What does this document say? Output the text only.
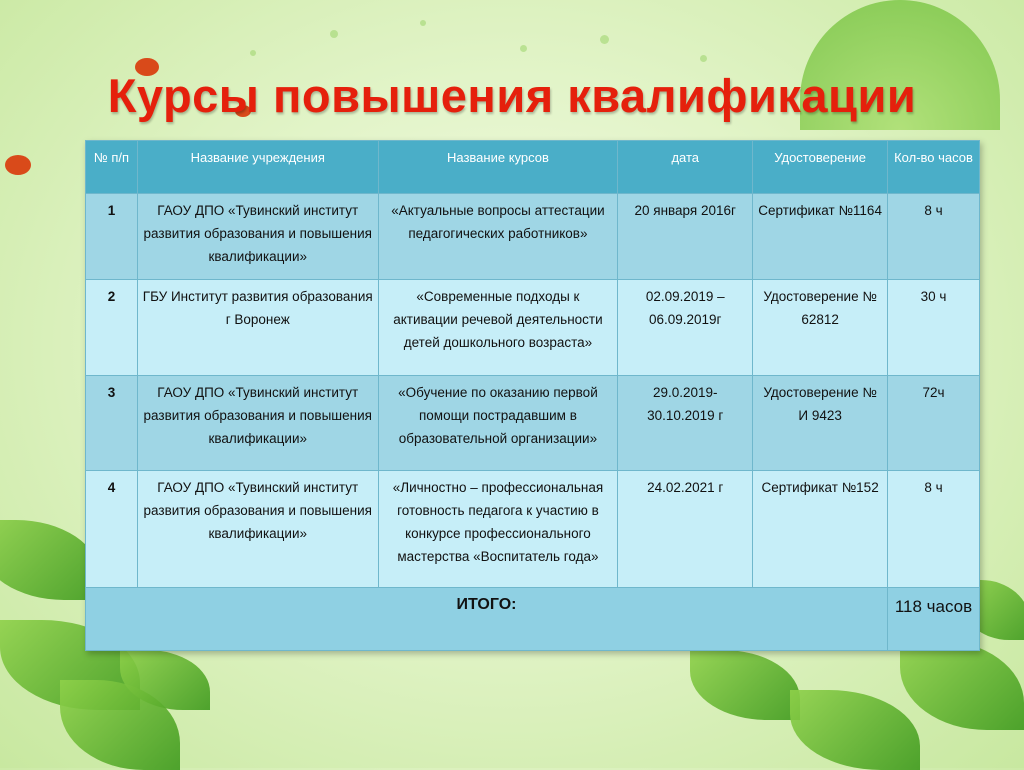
Курсы повышения квалификации
№ п/п	Название учреждения	Название курсов	дата	Удостоверение	Кол-во часов
1	ГАОУ ДПО «Тувинский институт развития образования и повышения квалификации»	«Актуальные вопросы аттестации педагогических работников»	20 января 2016г	Сертификат №1164	8 ч
2	ГБУ Институт развития образования г Воронеж	«Современные подходы к активации речевой деятельности детей дошкольного возраста»	02.09.2019 – 06.09.2019г	Удостоверение № 62812	30 ч
3	ГАОУ ДПО «Тувинский институт развития образования и повышения квалификации»	«Обучение по оказанию первой помощи пострадавшим в образовательной организации»	29.0.2019- 30.10.2019 г	Удостоверение № И 9423	72ч
4	ГАОУ ДПО «Тувинский институт развития образования и повышения квалификации»	«Личностно – профессиональная готовность педагога к участию в конкурсе профессионального мастерства «Воспитатель года»	24.02.2021 г	Сертификат №152	8 ч
ИТОГО:					118 часов
